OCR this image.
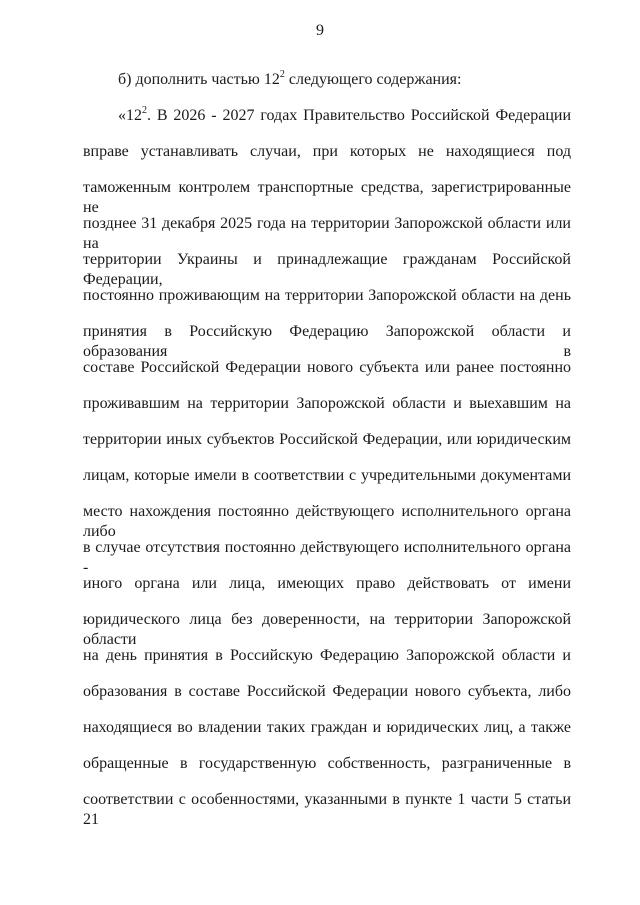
9
б) дополнить частью $12^2$ следующего содержания:
«$12^2$. В 2026 - 2027 годах Правительство Российской Федерации
вправе устанавливать случаи, при которых не находящиеся под
таможенным контролем транспортные средства, зарегистрированные не
позднее 31 декабря 2025 года на территории Запорожской области или на
территории Украины и принадлежащие гражданам Российской Федерации,
постоянно проживающим на территории Запорожской области на день
принятия в Российскую Федерацию Запорожской области и образования в
составе Российской Федерации нового субъекта или ранее постоянно
проживавшим на территории Запорожской области и выехавшим на
территории иных субъектов Российской Федерации, или юридическим
лицам, которые имели в соответствии с учредительными документами
место нахождения постоянно действующего исполнительного органа либо
в случае отсутствия постоянно действующего исполнительного органа -
иного органа или лица, имеющих право действовать от имени
юридического лица без доверенности, на территории Запорожской области
на день принятия в Российскую Федерацию Запорожской области и
образования в составе Российской Федерации нового субъекта, либо
находящиеся во владении таких граждан и юридических лиц, а также
обращенные в государственную собственность, разграниченные в
соответствии с особенностями, указанными в пункте 1 части 5 статьи 21
